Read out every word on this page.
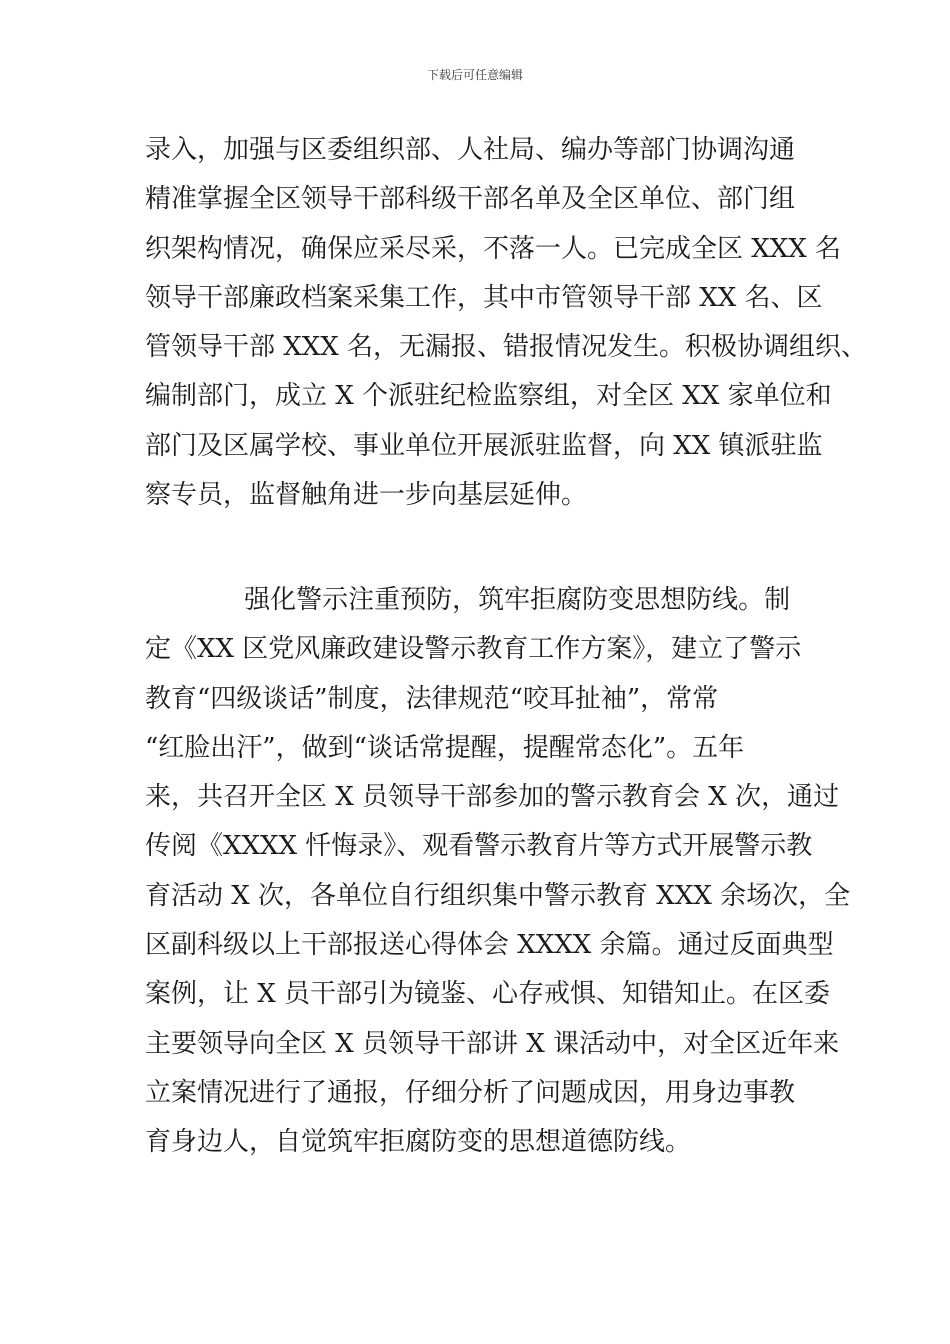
下载后可任意编辑
录入，加强与区委组织部、人社局、编办等部门协调沟通
精准掌握全区领导干部科级干部名单及全区单位、部门组
织架构情况，确保应采尽采，不落一人。已完成全区 XXX 名
领导干部廉政档案采集工作，其中市管领导干部 XX 名、区
管领导干部 XXX 名，无漏报、错报情况发生。积极协调组织、
编制部门，成立 X 个派驻纪检监察组，对全区 XX 家单位和
部门及区属学校、事业单位开展派驻监督，向 XX 镇派驻监
察专员，监督触角进一步向基层延伸。
强化警示注重预防，筑牢拒腐防变思想防线。制
定《XX 区党风廉政建设警示教育工作方案》，建立了警示
教育“四级谈话”制度，法律规范“咬耳扯袖”，常常
“红脸出汗”，做到“谈话常提醒，提醒常态化”。五年
来，共召开全区 X 员领导干部参加的警示教育会 X 次，通过
传阅《XXXX 忏悔录》、观看警示教育片等方式开展警示教
育活动 X 次，各单位自行组织集中警示教育 XXX 余场次，全
区副科级以上干部报送心得体会 XXXX 余篇。通过反面典型
案例，让 X 员干部引为镜鉴、心存戒惧、知错知止。在区委
主要领导向全区 X 员领导干部讲 X 课活动中，对全区近年来
立案情况进行了通报，仔细分析了问题成因，用身边事教
育身边人，自觉筑牢拒腐防变的思想道德防线。
